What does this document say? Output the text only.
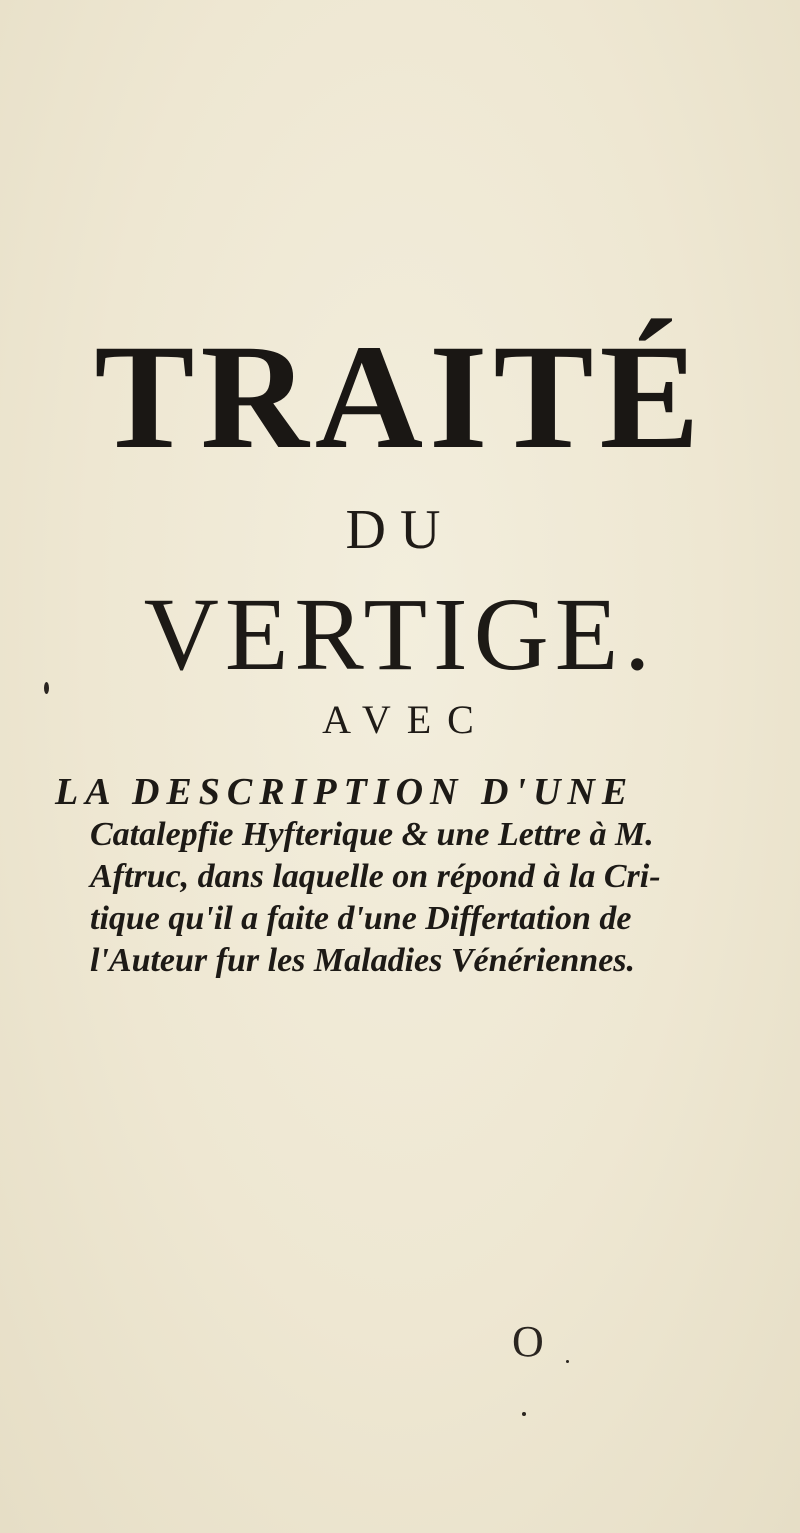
TRAITÉ
DU
VERTIGE.
AVEC
LA DESCRIPTION D'UNE
Catalepfie Hyfterique & une Lettre à M.
Aftruc, dans laquelle on répond à la Cri-
tique qu'il a faite d'une Differtation de
l'Auteur fur les Maladies Vénériennes.
O
